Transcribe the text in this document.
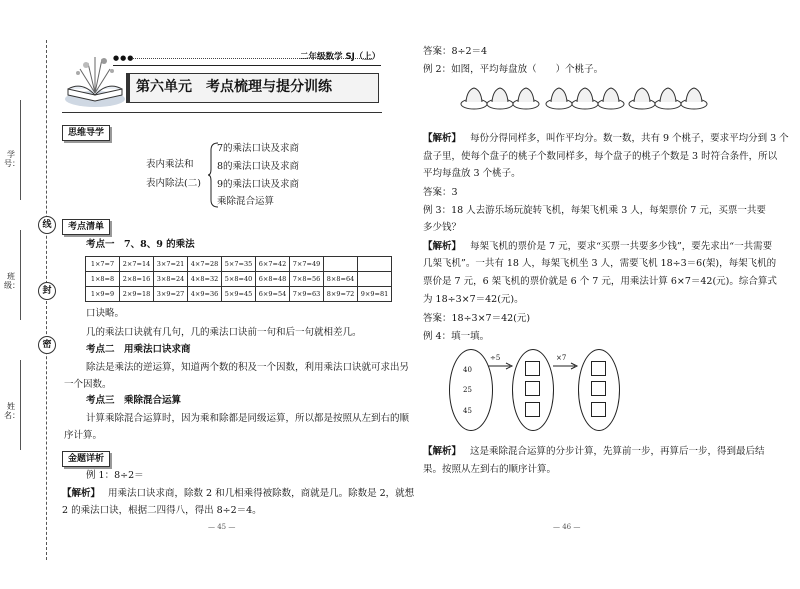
学号：
班级：
姓名：
线
封
密
●●●	二年级数学 SJ（上）
第六单元　考点梳理与提分训练
思维导学
表内乘法和
表内除法(二)
7的乘法口诀及求商
8的乘法口诀及求商
9的乘法口诀及求商
乘除混合运算
考点清单
考点一　7、8、9 的乘法
1×7=7	2×7=14	3×7=21	4×7=28	5×7=35	6×7=42	7×7=49		
1×8=8	2×8=16	3×8=24	4×8=32	5×8=40	6×8=48	7×8=56	8×8=64	
1×9=9	2×9=18	3×9=27	4×9=36	5×9=45	6×9=54	7×9=63	8×9=72	9×9=81
口诀略。
几的乘法口诀就有几句，几的乘法口诀前一句和后一句就相差几。
考点二　用乘法口诀求商
除法是乘法的逆运算，知道两个数的积及一个因数，利用乘法口诀就可求出另
一个因数。
考点三　乘除混合运算
计算乘除混合运算时，因为乘和除都是同级运算，所以都是按照从左到右的顺
序计算。
金题详析
例 1：8÷2＝
【解析】 用乘法口诀求商，除数 2 和几相乘得被除数，商就是几。除数是 2，就想
2 的乘法口诀，根据二四得八，得出 8÷2＝4。
— 45 —
答案：8÷2＝4
例 2：如图，平均每盘放（　　）个桃子。
【解析】 每份分得同样多，叫作平均分。数一数，共有 9 个桃子，要求平均分到 3 个
盘子里，使每个盘子的桃子个数同样多，每个盘子的桃子个数是 3 时符合条件，所以
平均每盘放 3 个桃子。
答案：3
例 3：18 人去游乐场玩旋转飞机，每架飞机乘 3 人，每架票价 7 元，买票一共要
多少钱？
【解析】 每架飞机的票价是 7 元，要求“买票一共要多少钱”，要先求出“一共需要
几架飞机”。一共有 18 人，每架飞机坐 3 人，需要飞机 18÷3＝6(架)，每架飞机的
票价是 7 元，6 架飞机的票价就是 6 个 7 元，用乘法计算 6×7＝42(元)。综合算式
为 18÷3×7＝42(元)。
答案：18÷3×7＝42(元)
例 4：填一填。
40
25
45
÷5	×7
【解析】 这是乘除混合运算的分步计算，先算前一步，再算后一步，得到最后结
果。按照从左到右的顺序计算。
— 46 —
